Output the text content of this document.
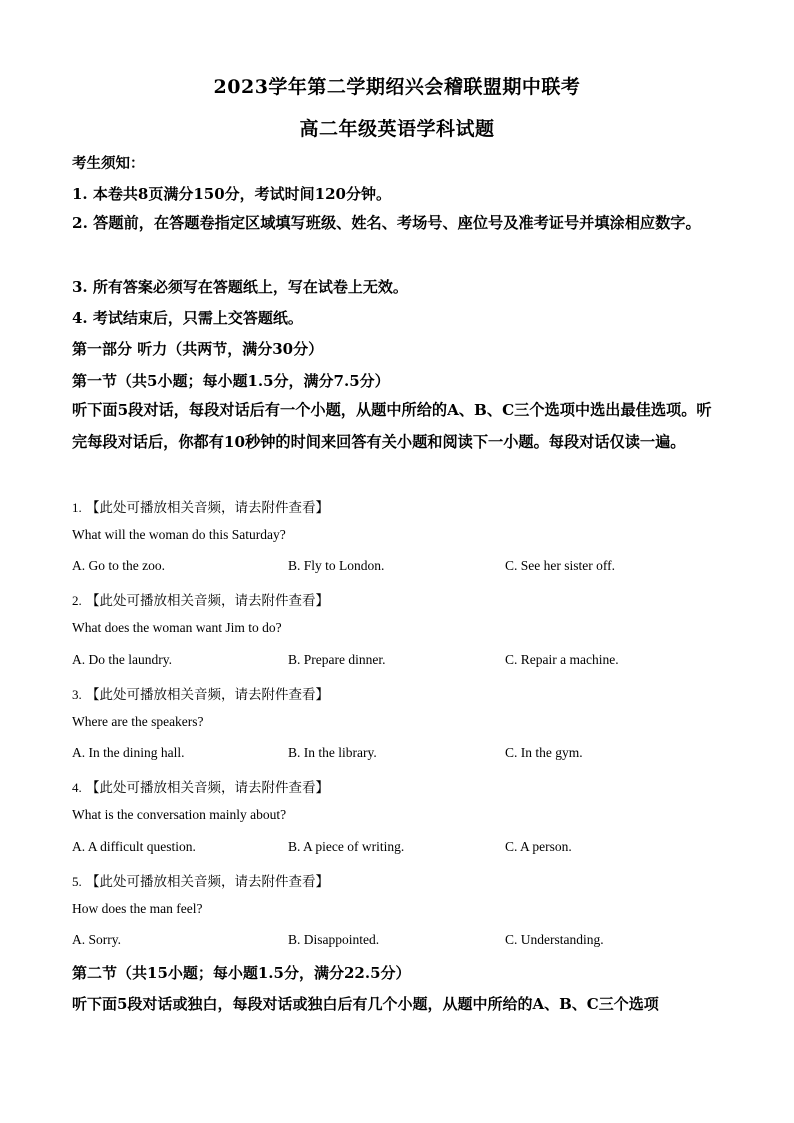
2023学年第二学期绍兴会稽联盟期中联考
高二年级英语学科试题
考生须知：
1. 本卷共8页满分150分，考试时间120分钟。
2. 答题前，在答题卷指定区域填写班级、姓名、考场号、座位号及准考证号并填涂相应数字。
3. 所有答案必须写在答题纸上，写在试卷上无效。
4. 考试结束后，只需上交答题纸。
第一部分 听力（共两节，满分30分）
第一节（共5小题；每小题1.5分，满分7.5分）
听下面5段对话，每段对话后有一个小题，从题中所给的A、B、C三个选项中选出最佳选项。听完每段对话后，你都有10秒钟的时间来回答有关小题和阅读下一小题。每段对话仅读一遍。
1. 【此处可播放相关音频，请去附件查看】
What will the woman do this Saturday?
A. Go to the zoo.	B. Fly to London.	C. See her sister off.
2. 【此处可播放相关音频，请去附件查看】
What does the woman want Jim to do?
A. Do the laundry.	B. Prepare dinner.	C. Repair a machine.
3. 【此处可播放相关音频，请去附件查看】
Where are the speakers?
A. In the dining hall.	B. In the library.	C. In the gym.
4. 【此处可播放相关音频，请去附件查看】
What is the conversation mainly about?
A. A difficult question.	B. A piece of writing.	C. A person.
5. 【此处可播放相关音频，请去附件查看】
How does the man feel?
A. Sorry.	B. Disappointed.	C. Understanding.
第二节（共15小题；每小题1.5分，满分22.5分）
听下面5段对话或独白，每段对话或独白后有几个小题，从题中所给的A、B、C三个选项
